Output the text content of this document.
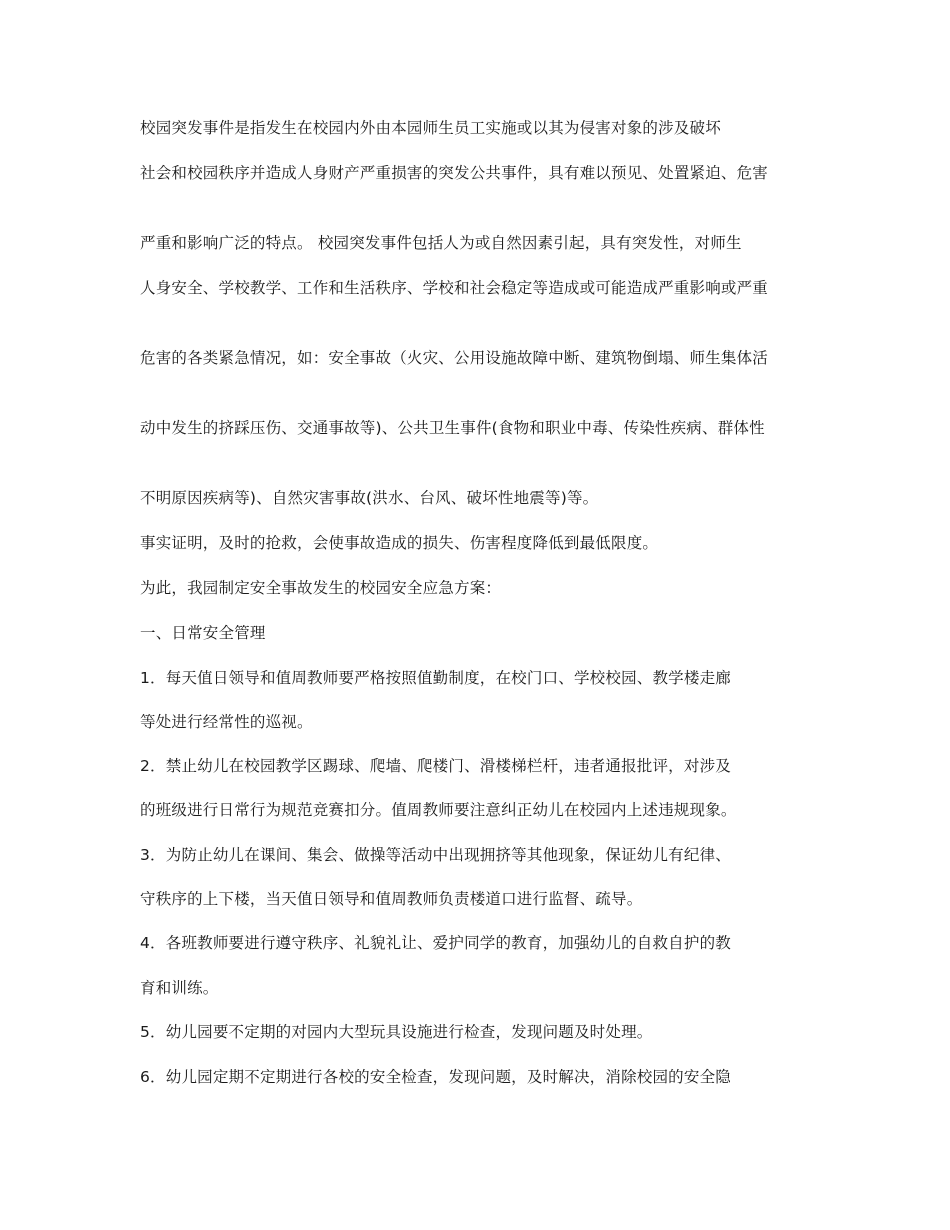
校园突发事件是指发生在校园内外由本园师生员工实施或以其为侵害对象的涉及破坏
社会和校园秩序并造成人身财产严重损害的突发公共事件，具有难以预见、处置紧迫、危害
严重和影响广泛的特点。 校园突发事件包括人为或自然因素引起，具有突发性，对师生
人身安全、学校教学、工作和生活秩序、学校和社会稳定等造成或可能造成严重影响或严重
危害的各类紧急情况，如：安全事故（火灾、公用设施故障中断、建筑物倒塌、师生集体活
动中发生的挤踩压伤、交通事故等)、公共卫生事件(食物和职业中毒、传染性疾病、群体性
不明原因疾病等)、自然灾害事故(洪水、台风、破坏性地震等)等。
事实证明，及时的抢救，会使事故造成的损失、伤害程度降低到最低限度。
为此，我园制定安全事故发生的校园安全应急方案：
一、日常安全管理
1．每天值日领导和值周教师要严格按照值勤制度，在校门口、学校校园、教学楼走廊
等处进行经常性的巡视。
2．禁止幼儿在校园教学区踢球、爬墙、爬楼门、滑楼梯栏杆，违者通报批评，对涉及
的班级进行日常行为规范竞赛扣分。值周教师要注意纠正幼儿在校园内上述违规现象。
3．为防止幼儿在课间、集会、做操等活动中出现拥挤等其他现象，保证幼儿有纪律、
守秩序的上下楼，当天值日领导和值周教师负责楼道口进行监督、疏导。
4．各班教师要进行遵守秩序、礼貌礼让、爱护同学的教育，加强幼儿的自救自护的教
育和训练。
5．幼儿园要不定期的对园内大型玩具设施进行检查，发现问题及时处理。
6．幼儿园定期不定期进行各校的安全检查，发现问题，及时解决，消除校园的安全隐
